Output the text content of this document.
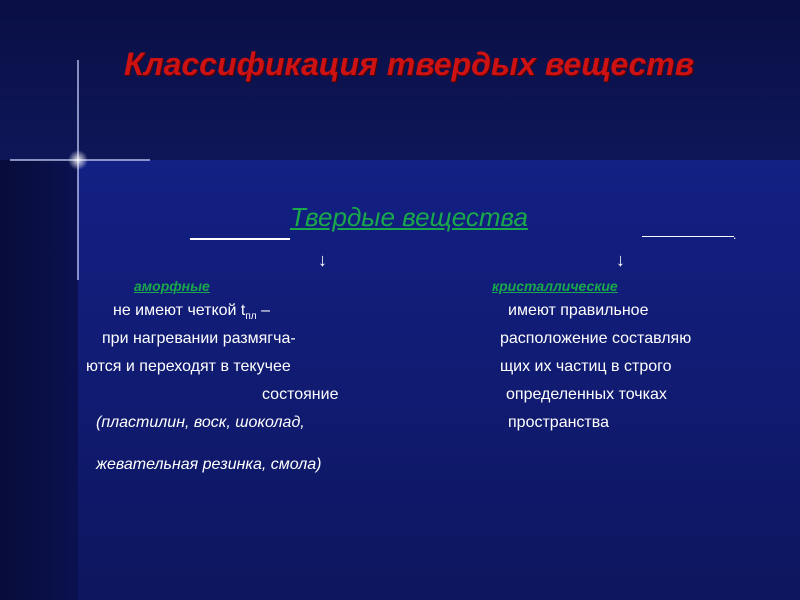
Классификация твердых веществ
Твердые вещества
.
↓	↓
аморфные	кристаллические
не имеют четкой $t_{пл}$ –
при нагревании размягча-
ются и переходят в текучее
состояние
(пластилин, воск, шоколад,
жевательная резинка, смола)
имеют правильное
расположение составляю
щих их частиц в строго
определенных точках
пространства
